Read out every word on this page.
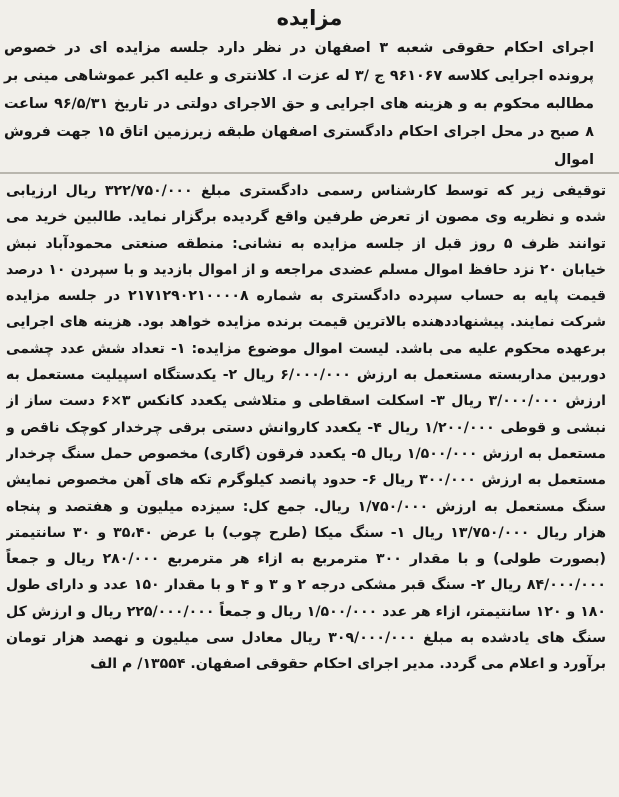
مزایده
اجرای احکام حقوقی شعبه ۳ اصفهان در نظر دارد جلسه مزایده ای در خصوص پرونده اجرایی کلاسه ۹۶۱۰۶۷ ج /۳ له عزت ا. کلانتری و علیه اکبر عموشاهی مینی بر مطالبه محکوم به و هزینه های اجرایی و حق الاجرای دولتی در تاریخ ۹۶/۵/۳۱ ساعت ۸ صبح در محل اجرای احکام دادگستری اصفهان طبقه زیرزمین اتاق ۱۵ جهت فروش اموال
توقیفی زیر که توسط کارشناس رسمی دادگستری مبلغ ۳۲۲/۷۵۰/۰۰۰ ریال ارزیابی شده و نظریه وی مصون از تعرض طرفین واقع گردیده برگزار نماید. طالبین خرید می توانند ظرف ۵ روز قبل از جلسه مزایده به نشانی: منطقه صنعتی محمودآباد نبش خیابان ۲۰ نزد حافظ اموال مسلم عضدی مراجعه و از اموال بازدید و با سپردن ۱۰ درصد قیمت پایه به حساب سپرده دادگستری به شماره ۲۱۷۱۲۹۰۲۱۰۰۰۰۸ در جلسه مزایده شرکت نمایند. پیشنهاددهنده بالاترین قیمت برنده مزایده خواهد بود. هزینه های اجرایی برعهده محکوم علیه می باشد. لیست اموال موضوع مزایده: ۱- تعداد شش عدد چشمی دوربین مداربسته مستعمل به ارزش ۶/۰۰۰/۰۰۰ ریال ۲- یکدستگاه اسپیلیت مستعمل به ارزش ۳/۰۰۰/۰۰۰ ریال ۳- اسکلت اسقاطی و متلاشی یکعدد کانکس ۳×۶ دست ساز از نبشی و قوطی ۱/۲۰۰/۰۰۰ ریال ۴- یکعدد کاروانش دستی برقی چرخدار کوچک ناقص و مستعمل به ارزش ۱/۵۰۰/۰۰۰ ریال ۵- یکعدد فرقون (گاری) مخصوص حمل سنگ چرخدار مستعمل به ارزش ۳۰۰/۰۰۰ ریال ۶- حدود پانصد کیلوگرم تکه های آهن مخصوص نمایش سنگ مستعمل به ارزش ۱/۷۵۰/۰۰۰ ریال. جمع کل: سیزده میلیون و هفتصد و پنجاه هزار ریال ۱۳/۷۵۰/۰۰۰ ریال ۱- سنگ میکا (طرح چوب) با عرض ۳۵،۴۰ و ۳۰ سانتیمتر (بصورت طولی) و با مقدار ۳۰۰ مترمربع به ازاء هر مترمربع ۲۸۰/۰۰۰ ریال و جمعاً ۸۴/۰۰۰/۰۰۰ ریال ۲- سنگ قبر مشکی درجه ۲ و ۳ و ۴ و با مقدار ۱۵۰ عدد و دارای طول ۱۸۰ و ۱۲۰ سانتیمتر، ازاء هر عدد ۱/۵۰۰/۰۰۰ ریال و جمعاً ۲۲۵/۰۰۰/۰۰۰ ریال و ارزش کل سنگ های یادشده به مبلغ ۳۰۹/۰۰۰/۰۰۰ ریال معادل سی میلیون و نهصد هزار تومان برآورد و اعلام می گردد. مدیر اجرای احکام حقوقی اصفهان. ۱۳۵۵۴/ م الف
